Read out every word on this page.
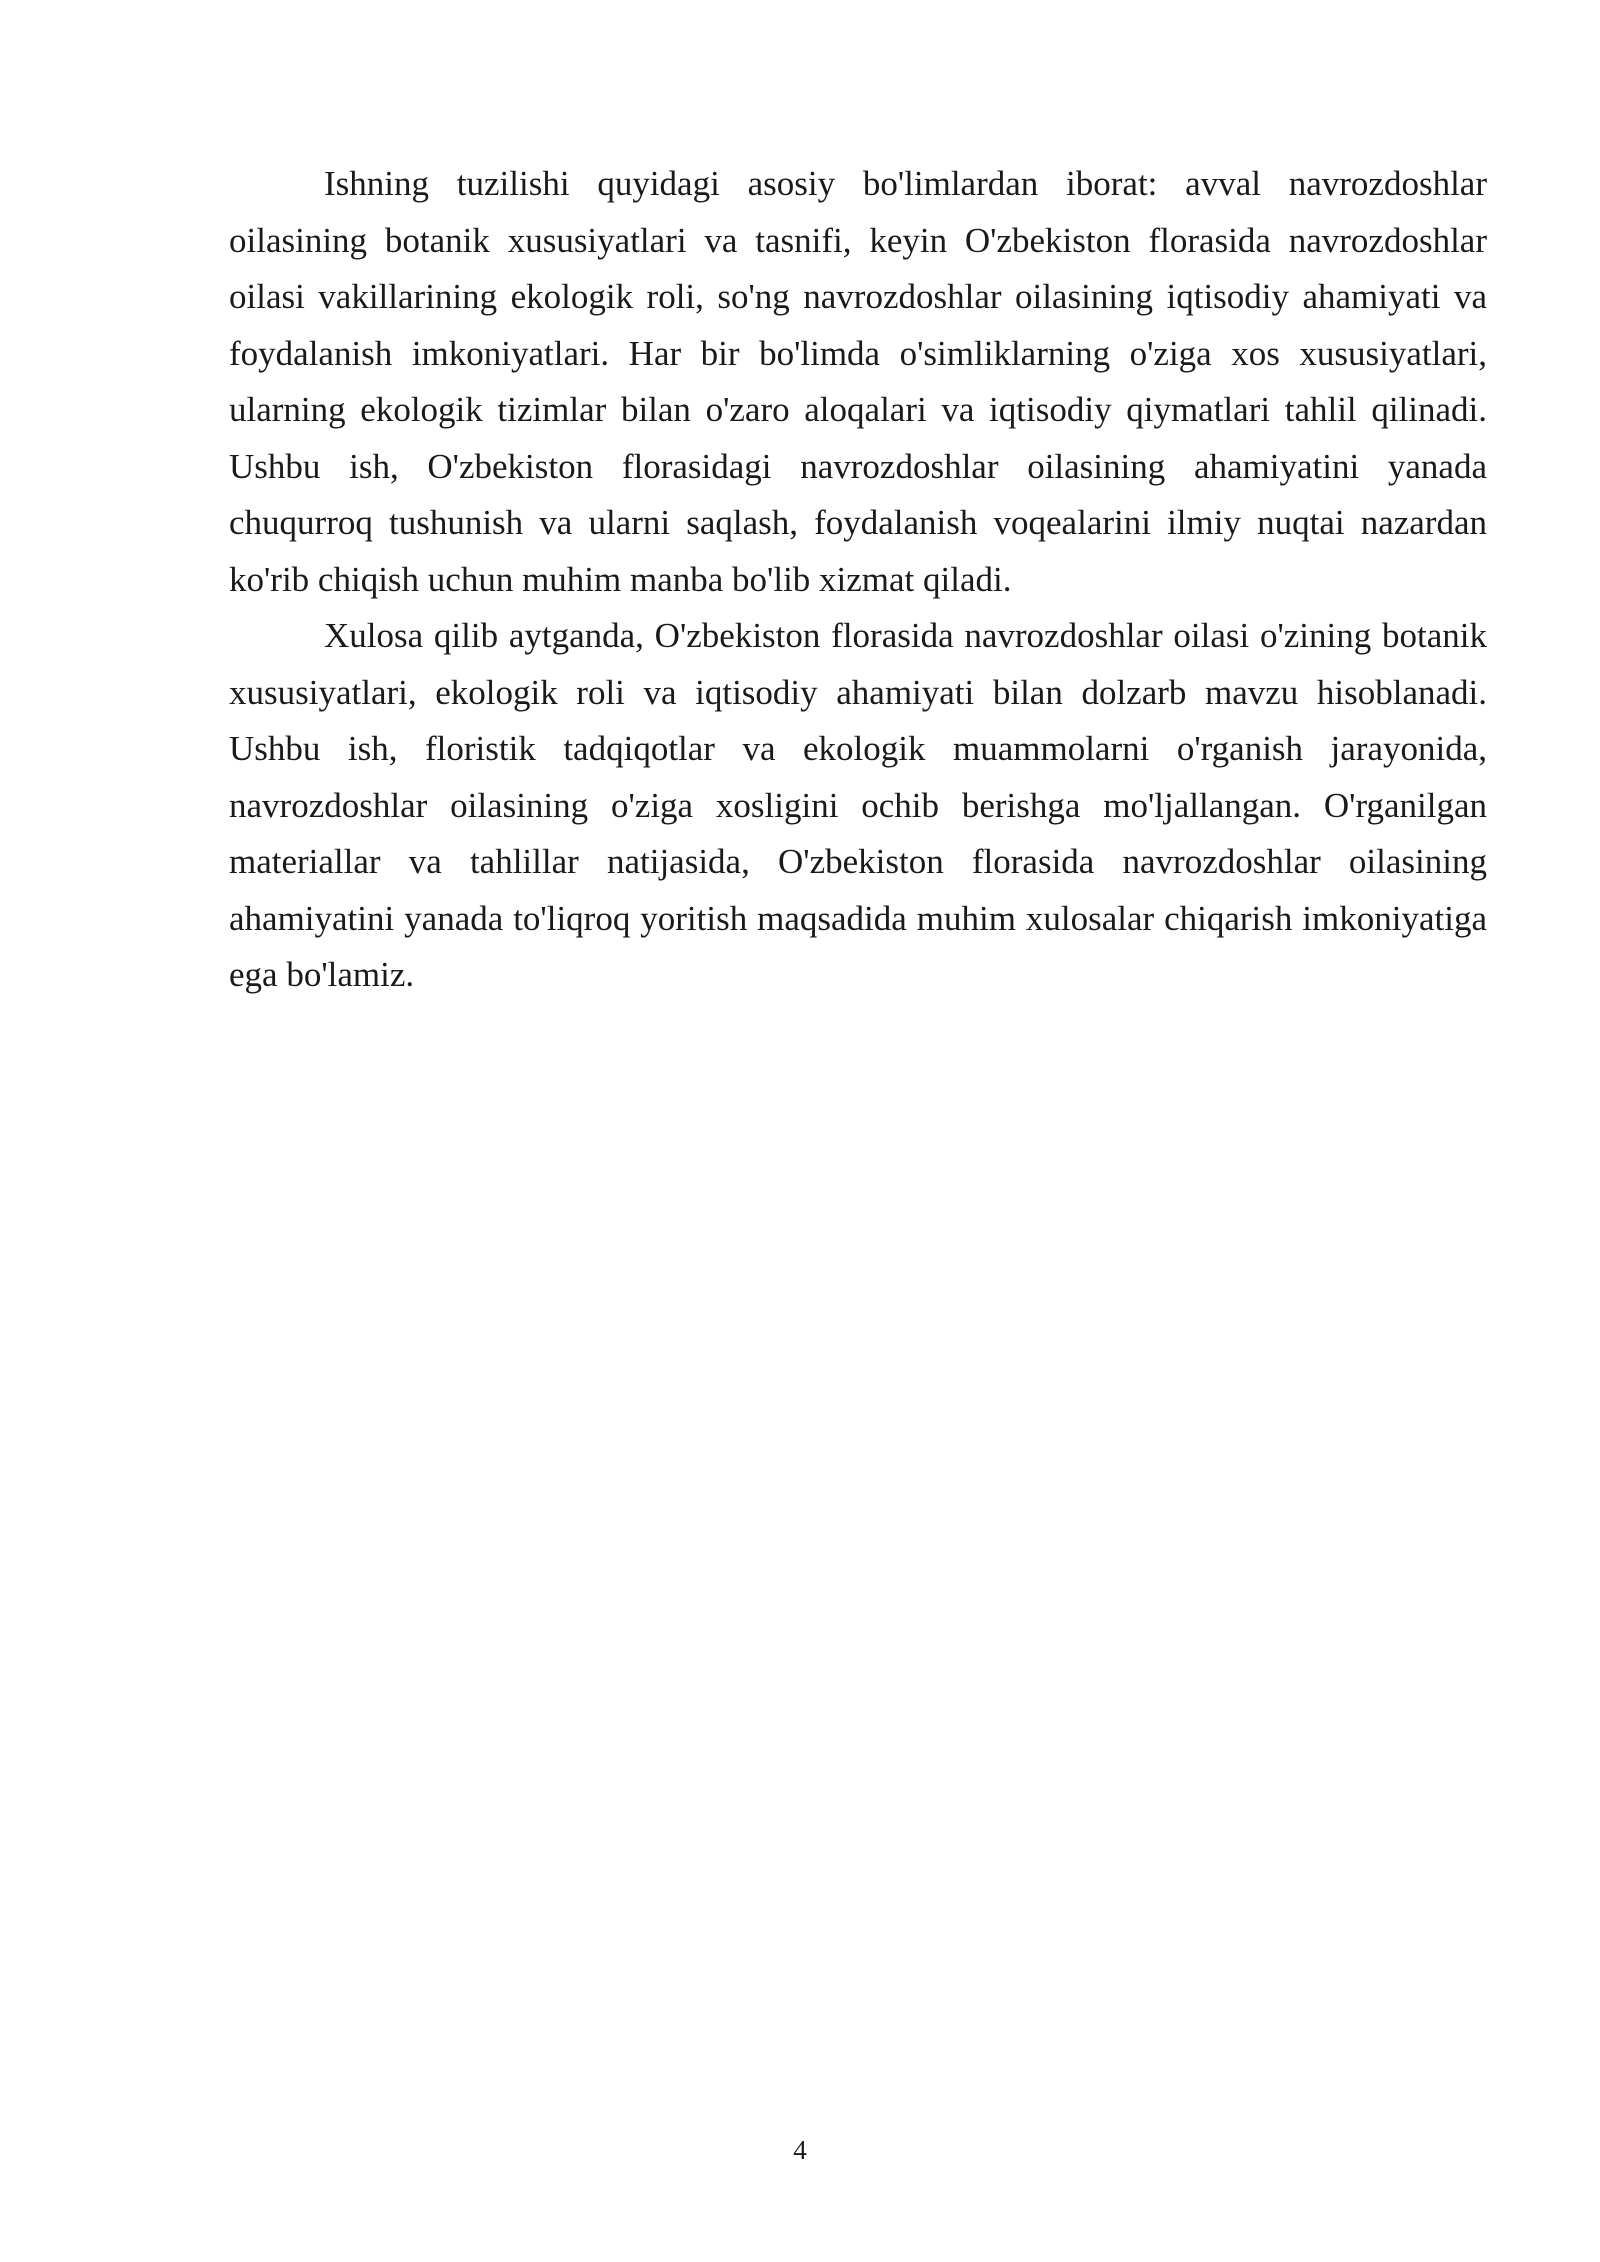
Ishning tuzilishi quyidagi asosiy bo'limlardan iborat: avval navrozdoshlar oilasining botanik xususiyatlari va tasnifi, keyin O'zbekiston florasida navrozdoshlar oilasi vakillarining ekologik roli, so'ng navrozdoshlar oilasining iqtisodiy ahamiyati va foydalanish imkoniyatlari. Har bir bo'limda o'simliklarning o'ziga xos xususiyatlari, ularning ekologik tizimlar bilan o'zaro aloqalari va iqtisodiy qiymatlari tahlil qilinadi. Ushbu ish, O'zbekiston florasidagi navrozdoshlar oilasining ahamiyatini yanada chuqurroq tushunish va ularni saqlash, foydalanish voqealarini ilmiy nuqtai nazardan ko'rib chiqish uchun muhim manba bo'lib xizmat qiladi.

Xulosa qilib aytganda, O'zbekiston florasida navrozdoshlar oilasi o'zining botanik xususiyatlari, ekologik roli va iqtisodiy ahamiyati bilan dolzarb mavzu hisoblanadi. Ushbu ish, floristik tadqiqotlar va ekologik muammolarni o'rganish jarayonida, navrozdoshlar oilasining o'ziga xosligini ochib berishga mo'ljallangan. O'rganilgan materiallar va tahlillar natijasida, O'zbekiston florasida navrozdoshlar oilasining ahamiyatini yanada to'liqroq yoritish maqsadida muhim xulosalar chiqarish imkoniyatiga ega bo'lamiz.

4
